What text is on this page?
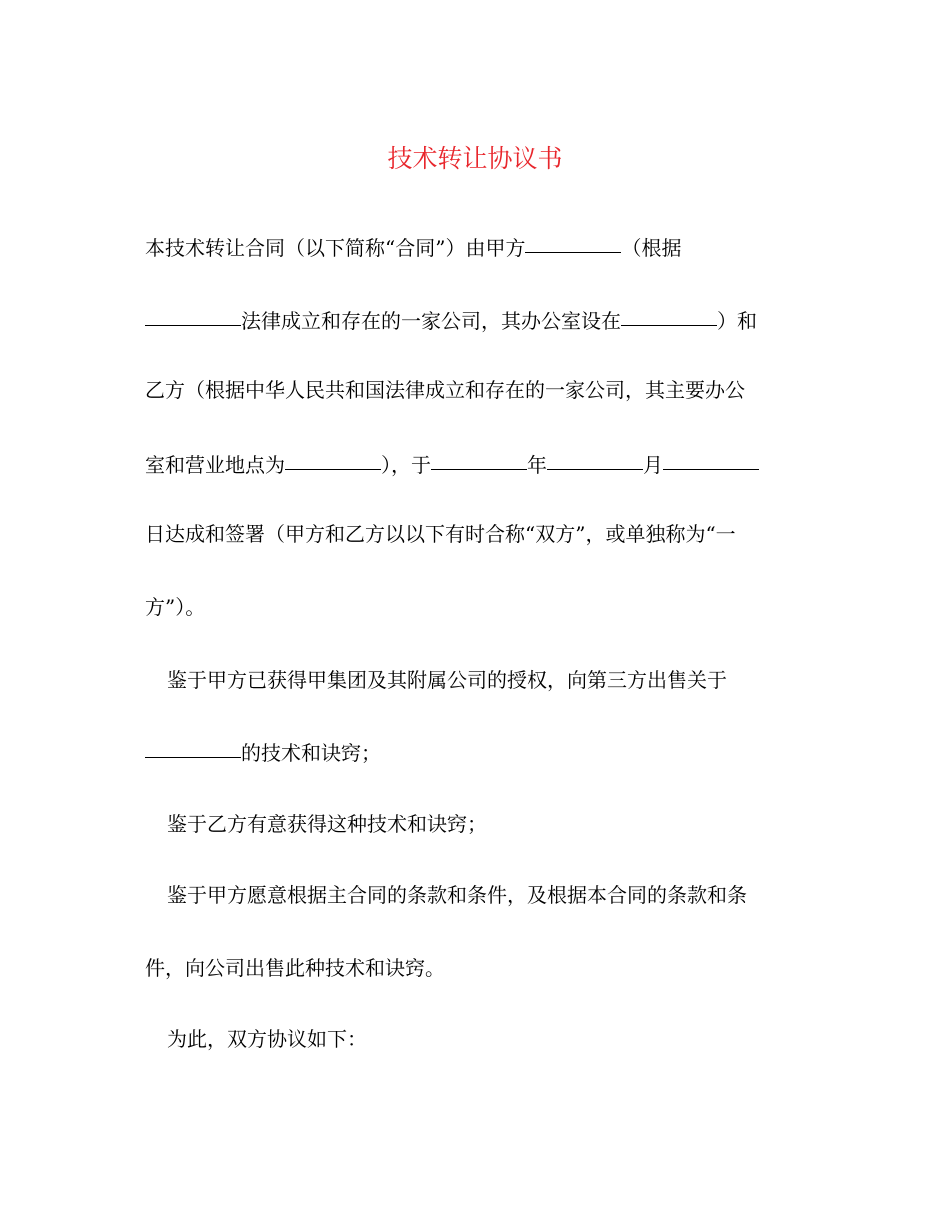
技术转让协议书
本技术转让合同（以下简称“合同”）由甲方	（根据
法律成立和存在的一家公司，其办公室设在	）和
乙方（根据中华人民共和国法律成立和存在的一家公司，其主要办公
室和营业地点为	），于	年	月
日达成和签署（甲方和乙方以以下有时合称“双方”，或单独称为“一
方”）。
鉴于甲方已获得甲集团及其附属公司的授权，向第三方出售关于
的技术和诀窍；
鉴于乙方有意获得这种技术和诀窍；
鉴于甲方愿意根据主合同的条款和条件，及根据本合同的条款和条
件，向公司出售此种技术和诀窍。
为此，双方协议如下：
